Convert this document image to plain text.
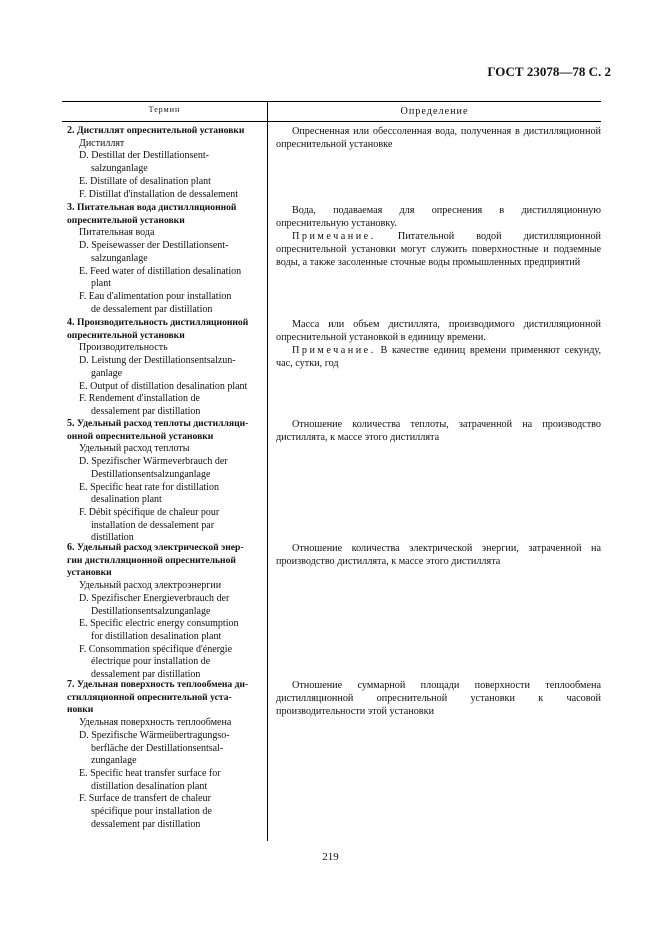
ГОСТ 23078—78 С. 2
Термин	Определение
2. Дистиллят опреснительной установки
Дистиллят
D. Destillat der Destillationsent-
salzunganlage
E. Distillate of desalination plant
F. Distillat d'installation de dessalement

Опресненная или обессоленная вода, полученная в дистилляционной опреснительной установке

3. Питательная вода дистилляционной
опреснительной установки
Питательная вода
D. Speisewasser der Destillationsent-
salzunganlage
E. Feed water of distillation desalination
plant
F. Eau d'alimentation pour installation
de dessalement par distillation

Вода, подаваемая для опреснения в дистилляционную опреснительную установку.

Примечание. Питательной водой дистилляционной опреснительной установки могут служить поверхностные и подземные воды, а также засоленные сточные воды промышленных предприятий

4. Производительность дистилляционной
опреснительной установки
Производительность
D. Leistung der Destillationsentsalzun-
ganlage
E. Output of distillation desalination plant
F. Rendement d'installation de
dessalement par distillation

Масса или объем дистиллята, производимого дистилляционной опреснительной установкой в единицу времени.

Примечание. В качестве единиц времени применяют секунду, час, сутки, год

5. Удельный расход теплоты дистилляци-
онной опреснительной установки
Удельный расход теплоты
D. Spezifischer Wärmeverbrauch der
Destillationsentsalzunganlage
E. Specific heat rate for distillation
desalination plant
F. Débit spécifique de chaleur pour
installation de dessalement par
distillation

Отношение количества теплоты, затраченной на производство дистиллята, к массе этого дистиллята

6. Удельный расход электрической энер-
гии дистилляционной опреснительной
установки
Удельный расход электроэнергии
D. Spezifischer Energieverbrauch der
Destillationsentsalzunganlage
E. Specific electric energy consumption
for distillation desalination plant
F. Consommation spécifique d'énergie
électrique pour installation de
dessalement par distillation

Отношение количества электрической энергии, затраченной на производство дистиллята, к массе этого дистиллята

7. Удельная поверхность теплообмена ди-
стилляционной опреснительной уста-
новки
Удельная поверхность теплообмена
D. Spezifische Wärmeübertragungso-
berfläche der Destillationsentsal-
zunganlage
E. Specific heat transfer surface for
distillation desalination plant
F. Surface de transfert de chaleur
spécifique pour installation de
dessalement par distillation

Отношение суммарной площади поверхности теплообмена дистилляционной опреснительной установки к часовой производительности этой установки

219
